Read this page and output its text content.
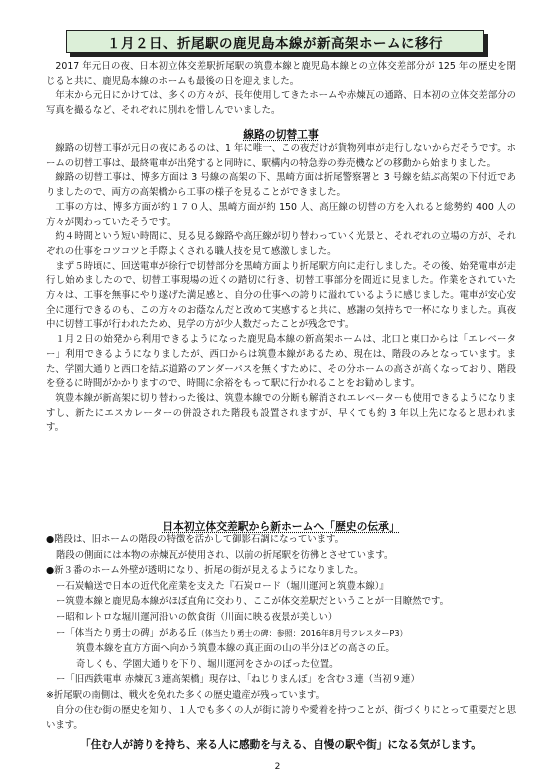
１月２日、折尾駅の鹿児島本線が新高架ホームに移行

2017 年元日の夜、日本初立体交差駅折尾駅の筑豊本線と鹿児島本線との立体交差部分が 125 年の歴史を閉じると共に、鹿児島本線のホームも最後の日を迎えました。

年末から元日にかけては、多くの方々が、長年使用してきたホームや赤煉瓦の通路、日本初の立体交差部分の写真を撮るなど、それぞれに別れを惜しんでいました。

線路の切替工事

線路の切替工事が元日の夜にあるのは、1 年に唯一、この夜だけが貨物列車が走行しないからだそうです。ホームの切替工事は、最終電車が出発すると同時に、駅構内の特急券の券売機などの移動から始まりました。

線路の切替工事は、博多方面は 3 号線の高架の下、黒崎方面は折尾警察署と 3 号線を結ぶ高架の下付近でありましたので、両方の高架橋から工事の様子を見ることができました。

工事の方は、博多方面が約１７０人、黒崎方面が約 150 人、高圧線の切替の方を入れると総勢約 400 人の方々が関わっていたそうです。

約４時間という短い時間に、見る見る線路や高圧線が切り替わっていく光景と、それぞれの立場の方が、それぞれの仕事をコツコツと手際よくされる職人技を見て感激しました。

まず５時頃に、回送電車が徐行で切替部分を黒崎方面より折尾駅方向に走行しました。その後、始発電車が走行し始めましたので、切替工事現場の近くの踏切に行き、切替工事部分を間近に見ました。作業をされていた方々は、工事を無事にやり遂げた満足感と、自分の仕事への誇りに溢れているように感じました。電車が安心安全に運行できるのも、この方々のお蔭なんだと改めて実感すると共に、感謝の気持ちで一杯になりました。真夜中に切替工事が行われたため、見学の方が少人数だったことが残念です。

１月２日の始発から利用できるようになった鹿児島本線の新高架ホームは、北口と東口からは「エレベーター」利用できるようになりましたが、西口からは筑豊本線があるため、現在は、階段のみとなっています。また、学園大通りと西口を結ぶ道路のアンダーパスを無くすために、その分ホームの高さが高くなっており、階段を登るに時間がかかりますので、時間に余裕をもって駅に行かれることをお勧めします。

筑豊本線が新高架に切り替わった後は、筑豊本線での分断も解消されエレベーターも使用できるようになりますし、新たにエスカレーターの併設された階段も設置されますが、早くても約 3 年以上先になると思われます。

日本初立体交差駅から新ホームへ「歴史の伝承」

●階段は、旧ホームの階段の特徴を活かして御影石調になっています。

階段の側面には本物の赤煉瓦が使用され、以前の折尾駅を彷彿とさせています。

●新３番のホーム外壁が透明になり、折尾の街が見えるようになりました。

ー石炭輸送で日本の近代化産業を支えた『石炭ロード（堀川運河と筑豊本線）』

ー筑豊本線と鹿児島本線がほぼ直角に交わり、ここが体交差駅だということが一目瞭然です。

ー昭和レトロな堀川運河沿いの飲食街（川面に映る夜景が美しい）

ー「体当たり勇士の碑」がある丘（体当たり勇士の碑：参照：2016年8月号フレスターP3）

筑豊本線を直方方面へ向かう筑豊本線の真正面の山の半分ほどの高さの丘。

奇しくも、学園大通りを下り、堀川運河をさかのぼった位置。

ー「旧西鉄電車 赤煉瓦３連高架橋」現存は、「ねじりまんぽ」を含む３連（当初９連）

※折尾駅の南側は、戦火を免れた多くの歴史遺産が残っています。

自分の住む街の歴史を知り、１人でも多くの人が街に誇りや愛着を持つことが、街づくりにとって重要だと思います。

「住む人が誇りを持ち、来る人に感動を与える、自慢の駅や街」になる気がします。

2
